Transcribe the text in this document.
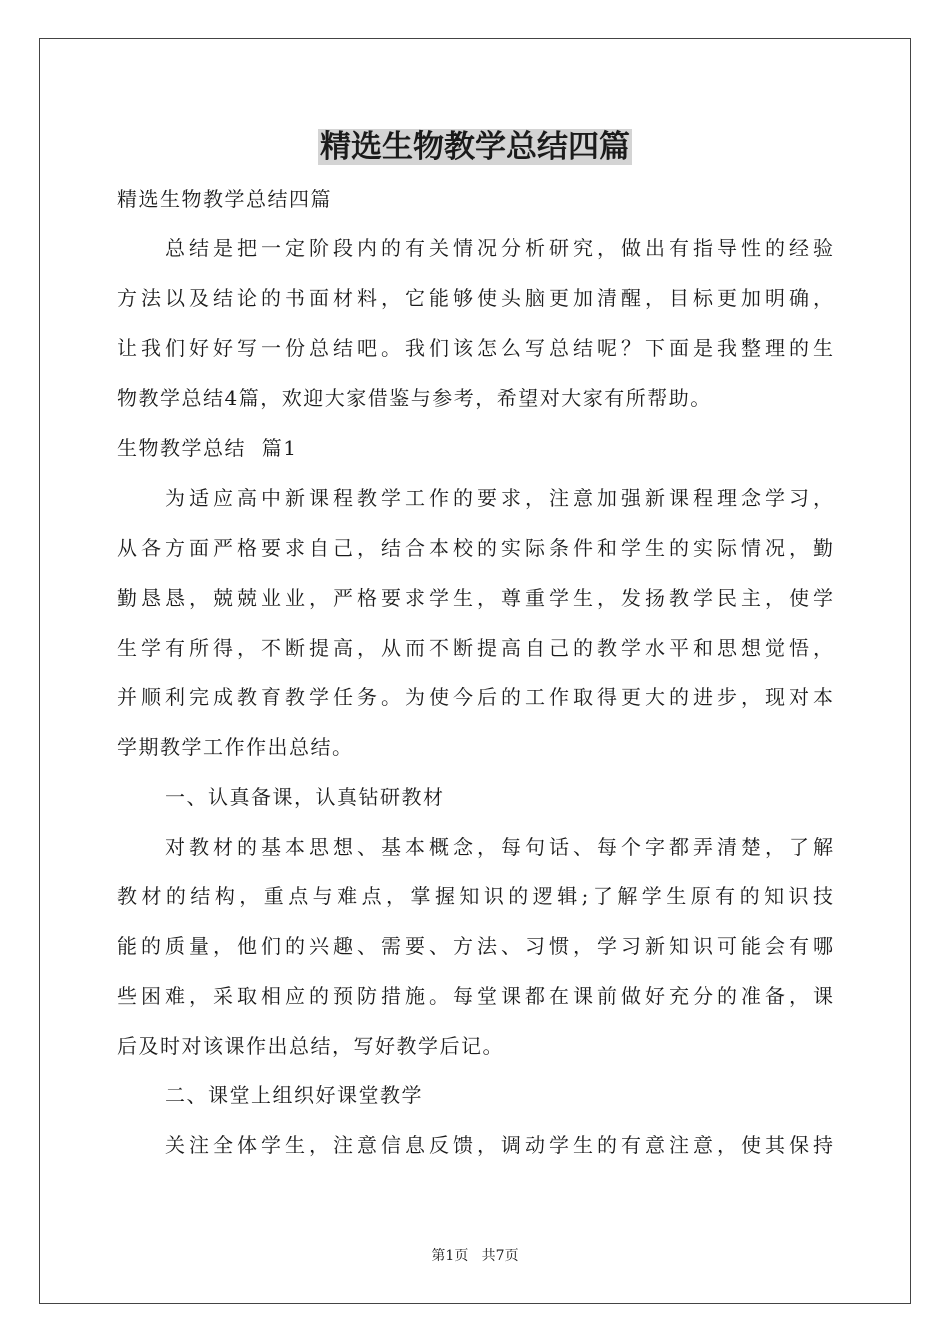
精选生物教学总结四篇
精选生物教学总结四篇
总结是把一定阶段内的有关情况分析研究，做出有指导性的经验
方法以及结论的书面材料，它能够使头脑更加清醒，目标更加明确，
让我们好好写一份总结吧。我们该怎么写总结呢？下面是我整理的生
物教学总结4篇，欢迎大家借鉴与参考，希望对大家有所帮助。
生物教学总结  篇1
为适应高中新课程教学工作的要求，注意加强新课程理念学习，
从各方面严格要求自己，结合本校的实际条件和学生的实际情况，勤
勤恳恳，兢兢业业，严格要求学生，尊重学生，发扬教学民主，使学
生学有所得，不断提高，从而不断提高自己的教学水平和思想觉悟，
并顺利完成教育教学任务。为使今后的工作取得更大的进步，现对本
学期教学工作作出总结。
一、认真备课，认真钻研教材
对教材的基本思想、基本概念，每句话、每个字都弄清楚，了解
教材的结构，重点与难点，掌握知识的逻辑;了解学生原有的知识技
能的质量，他们的兴趣、需要、方法、习惯，学习新知识可能会有哪
些困难，采取相应的预防措施。每堂课都在课前做好充分的准备，课
后及时对该课作出总结，写好教学后记。
二、课堂上组织好课堂教学
关注全体学生，注意信息反馈，调动学生的有意注意，使其保持
第1页   共7页
